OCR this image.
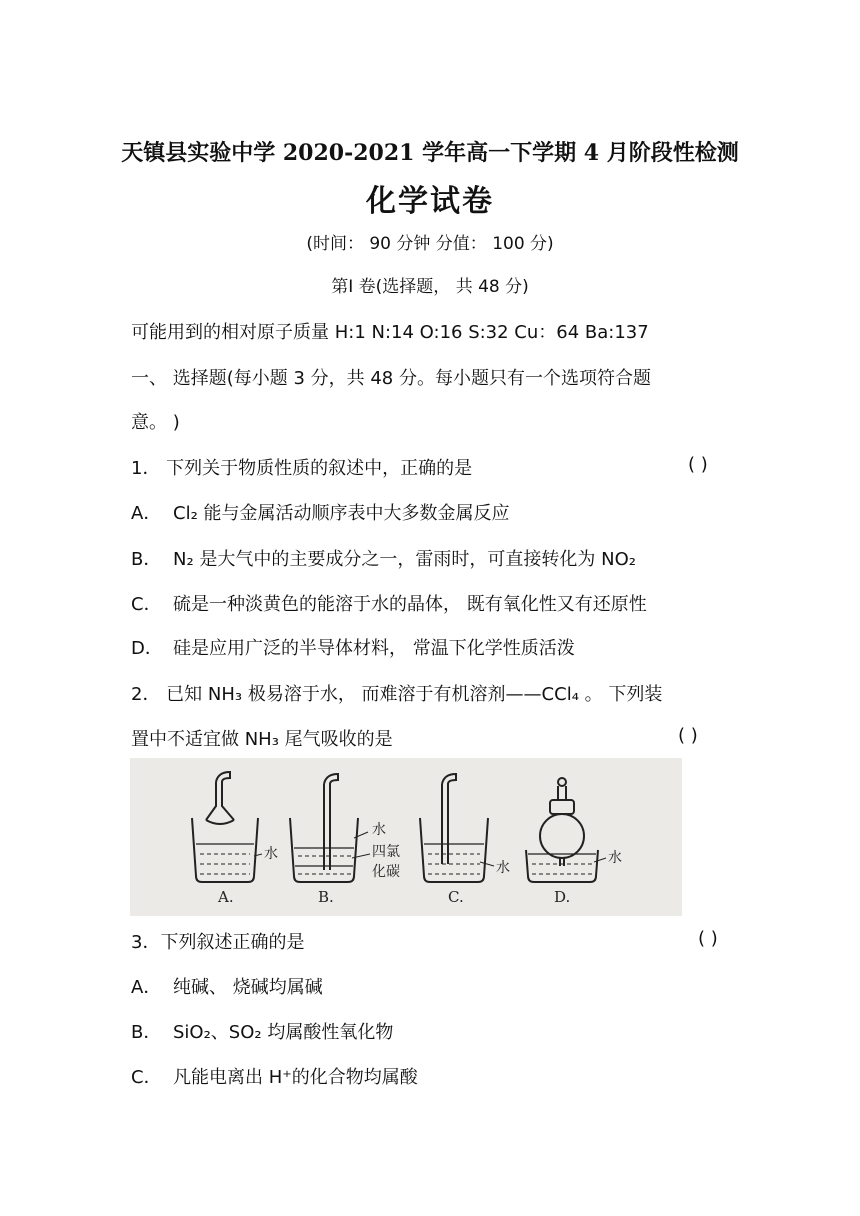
天镇县实验中学 2020-2021 学年高一下学期 4 月阶段性检测
化学试卷
(时间： 90 分钟 分值： 100 分)
第Ⅰ 卷(选择题， 共 48 分)
可能用到的相对原子质量 H:1 N:14 O:16 S:32 Cu：64 Ba:137
一、 选择题(每小题 3 分，共 48 分。每小题只有一个选项符合题
意。 )
1． 下列关于物质性质的叙述中，正确的是	( )
A． Cl₂ 能与金属活动顺序表中大多数金属反应
B． N₂ 是大气中的主要成分之一，雷雨时，可直接转化为 NO₂
C． 硫是一种淡黄色的能溶于水的晶体， 既有氧化性又有还原性
D． 硅是应用广泛的半导体材料， 常温下化学性质活泼
2． 已知 NH₃ 极易溶于水， 而难溶于有机溶剂——CCl₄ 。 下列装
置中不适宜做 NH₃ 尾气吸收的是	( )
水
水
四氯
化碳	水
水
A.	B.	C.	D.
3．下列叙述正确的是	( )
A． 纯碱、 烧碱均属碱
B． SiO₂、SO₂ 均属酸性氧化物
C． 凡能电离出 H⁺的化合物均属酸
